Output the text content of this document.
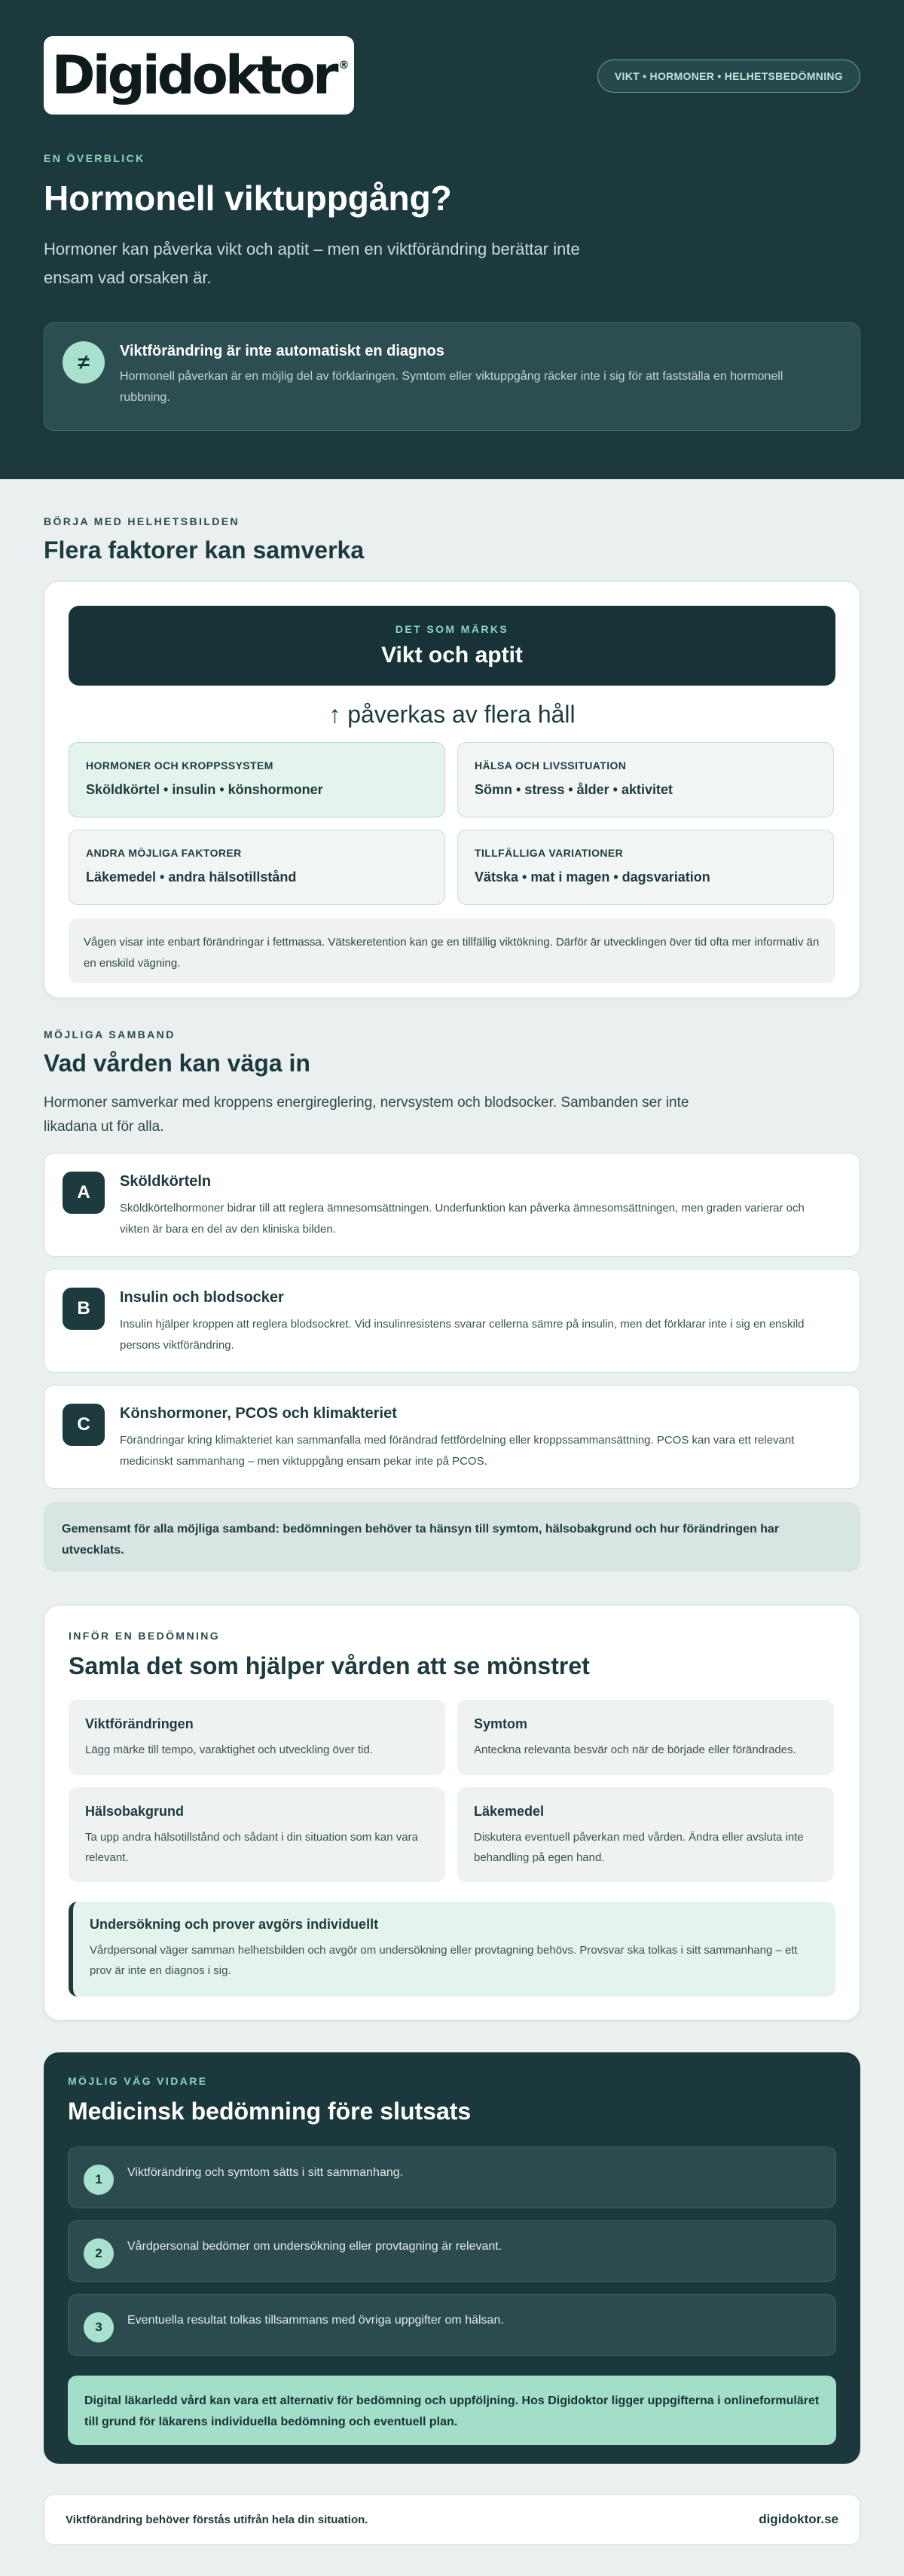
Digidoktor ®
VIKT • HORMONER • HELHETSBEDÖMNING
EN ÖVERBLICK
Hormonell viktuppgång?

Hormoner kan påverka vikt och aptit – men en viktförändring berättar inte ensam vad orsaken är.

≠	Viktförändring är inte automatiskt en diagnos
Hormonell påverkan är en möjlig del av förklaringen. Symtom eller viktuppgång räcker inte i sig för att fastställa en hormonell rubbning.
BÖRJA MED HELHETSBILDEN
Flera faktorer kan samverka
DET SOM MÄRKS
Vikt och aptit
↑ påverkas av flera håll
HORMONER OCH KROPPSSYSTEM
Sköldkörtel • insulin • könshormoner
HÄLSA OCH LIVSSITUATION
Sömn • stress • ålder • aktivitet
ANDRA MÖJLIGA FAKTORER
Läkemedel • andra hälsotillstånd
TILLFÄLLIGA VARIATIONER
Vätska • mat i magen • dagsvariation
Vågen visar inte enbart förändringar i fettmassa. Vätskeretention kan ge en tillfällig viktökning. Därför är utvecklingen över tid ofta mer informativ än en enskild vägning.
MÖJLIGA SAMBAND
Vad vården kan väga in

Hormoner samverkar med kroppens energireglering, nervsystem och blodsocker. Sambanden ser inte likadana ut för alla.

A
Sköldkörteln
Sköldkörtelhormoner bidrar till att reglera ämnesomsättningen. Underfunktion kan påverka ämnesomsättningen, men graden varierar och vikten är bara en del av den kliniska bilden.
B
Insulin och blodsocker
Insulin hjälper kroppen att reglera blodsockret. Vid insulinresistens svarar cellerna sämre på insulin, men det förklarar inte i sig en enskild persons viktförändring.
C
Könshormoner, PCOS och klimakteriet
Förändringar kring klimakteriet kan sammanfalla med förändrad fettfördelning eller kroppssammansättning. PCOS kan vara ett relevant medicinskt sammanhang – men viktuppgång ensam pekar inte på PCOS.
Gemensamt för alla möjliga samband: bedömningen behöver ta hänsyn till symtom, hälsobakgrund och hur förändringen har utvecklats.
INFÖR EN BEDÖMNING
Samla det som hjälper vården att se mönstret
Viktförändringen
Lägg märke till tempo, varaktighet och utveckling över tid.
Symtom
Anteckna relevanta besvär och när de började eller förändrades.
Hälsobakgrund
Ta upp andra hälsotillstånd och sådant i din situation som kan vara relevant.
Läkemedel
Diskutera eventuell påverkan med vården. Ändra eller avsluta inte behandling på egen hand.
Undersökning och prover avgörs individuellt
Vårdpersonal väger samman helhetsbilden och avgör om undersökning eller provtagning behövs. Provsvar ska tolkas i sitt sammanhang – ett prov är inte en diagnos i sig.
MÖJLIG VÄG VIDARE
Medicinsk bedömning före slutsats
1	Viktförändring och symtom sätts i sitt sammanhang.
2	Vårdpersonal bedömer om undersökning eller provtagning är relevant.
3	Eventuella resultat tolkas tillsammans med övriga uppgifter om hälsan.
Digital läkarledd vård kan vara ett alternativ för bedömning och uppföljning. Hos Digidoktor ligger uppgifterna i onlineformuläret till grund för läkarens individuella bedömning och eventuell plan.
Viktförändring behöver förstås utifrån hela din situation.	digidoktor.se
